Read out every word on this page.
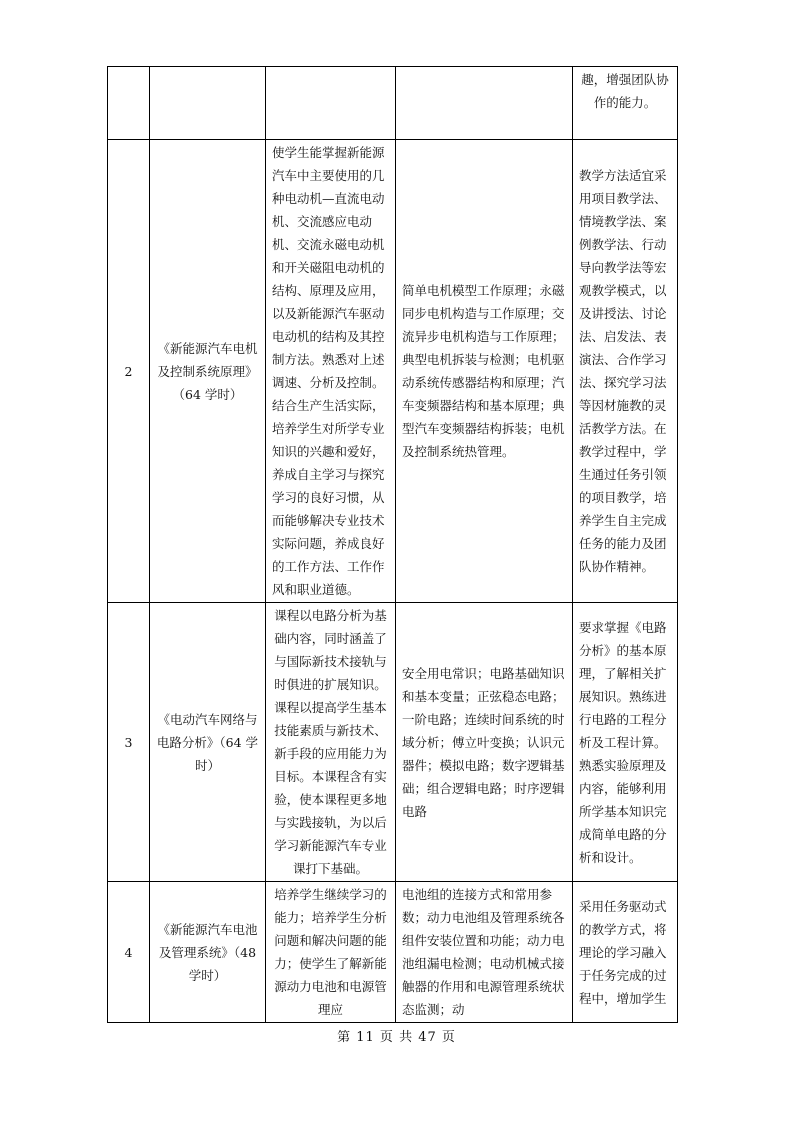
				趣，增强团队协作的能力。
2	《新能源汽车电机及控制系统原理》（64 学时）	使学生能掌握新能源汽车中主要使用的几种电动机—直流电动机、交流感应电动机、交流永磁电动机和开关磁阻电动机的结构、原理及应用，以及新能源汽车驱动电动机的结构及其控制方法。熟悉对上述调速、分析及控制。结合生产生活实际，培养学生对所学专业知识的兴趣和爱好，养成自主学习与探究学习的良好习惯，从而能够解决专业技术实际问题，养成良好的工作方法、工作作风和职业道德。	简单电机模型工作原理；永磁同步电机构造与工作原理；交流异步电机构造与工作原理；典型电机拆装与检测；电机驱动系统传感器结构和原理；汽车变频器结构和基本原理；典型汽车变频器结构拆装；电机及控制系统热管理。	教学方法适宜采用项目教学法、情境教学法、案例教学法、行动导向教学法等宏观教学模式，以及讲授法、讨论法、启发法、表演法、合作学习法、探究学习法等因材施教的灵活教学方法。在教学过程中，学生通过任务引领的项目教学，培养学生自主完成任务的能力及团队协作精神。
3	《电动汽车网络与电路分析》（64 学时）	课程以电路分析为基础内容，同时涵盖了与国际新技术接轨与时俱进的扩展知识。课程以提高学生基本技能素质与新技术、新手段的应用能力为目标。本课程含有实验，使本课程更多地与实践接轨，为以后学习新能源汽车专业课打下基础。	安全用电常识；电路基础知识和基本变量；正弦稳态电路；一阶电路；连续时间系统的时域分析；傅立叶变换；认识元器件；模拟电路；数字逻辑基础；组合逻辑电路；时序逻辑电路	要求掌握《电路分析》的基本原理，了解相关扩展知识。熟练进行电路的工程分析及工程计算。熟悉实验原理及内容，能够利用所学基本知识完成简单电路的分析和设计。
4	《新能源汽车电池及管理系统》（48 学时）	培养学生继续学习的能力；培养学生分析问题和解决问题的能力；使学生了解新能源动力电池和电源管理应	电池组的连接方式和常用参数；动力电池组及管理系统各组件安装位置和功能；动力电池组漏电检测；电动机械式接触器的作用和电源管理系统状态监测；动	采用任务驱动式的教学方式，将理论的学习融入于任务完成的过程中，增加学生
第 11 页 共 47 页
